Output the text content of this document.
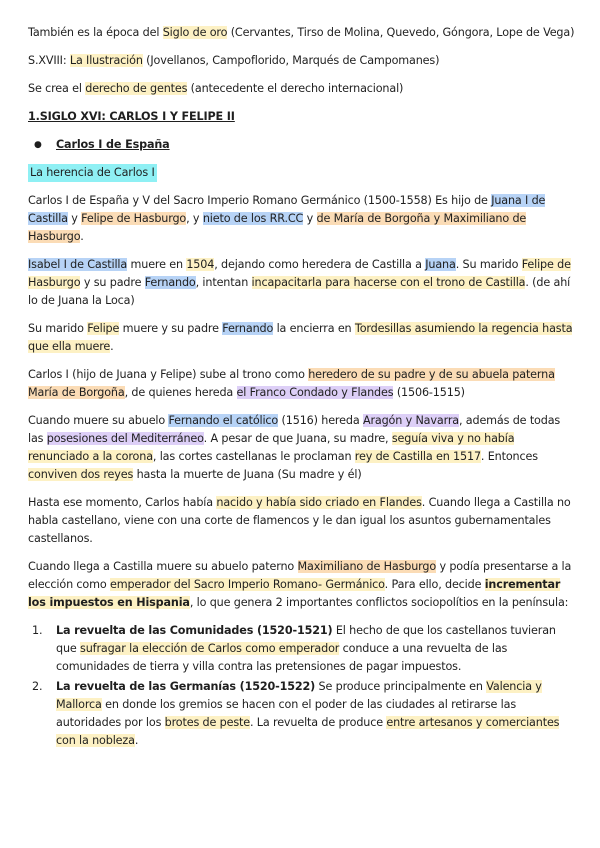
También es la época del Siglo de oro (Cervantes, Tirso de Molina, Quevedo, Góngora, Lope de Vega)

S.XVIII: La Ilustración (Jovellanos, Campoflorido, Marqués de Campomanes)

Se crea el derecho de gentes (antecedente el derecho internacional)

1.SIGLO XVI: CARLOS I Y FELIPE II
●	Carlos I de España

La herencia de Carlos I

Carlos I de España y V del Sacro Imperio Romano Germánico (1500-1558) Es hijo de Juana I de Castilla y Felipe de Hasburgo, y nieto de los RR.CC y de María de Borgoña y Maximiliano de Hasburgo.

Isabel I de Castilla muere en 1504, dejando como heredera de Castilla a Juana. Su marido Felipe de Hasburgo y su padre Fernando, intentan incapacitarla para hacerse con el trono de Castilla. (de ahí lo de Juana la Loca)

Su marido Felipe muere y su padre Fernando la encierra en Tordesillas asumiendo la regencia hasta que ella muere.

Carlos I (hijo de Juana y Felipe) sube al trono como heredero de su padre y de su abuela paterna María de Borgoña, de quienes hereda el Franco Condado y Flandes (1506-1515)

Cuando muere su abuelo Fernando el católico (1516) hereda Aragón y Navarra, además de todas las posesiones del Mediterráneo. A pesar de que Juana, su madre, seguía viva y no había renunciado a la corona, las cortes castellanas le proclaman rey de Castilla en 1517. Entonces conviven dos reyes hasta la muerte de Juana (Su madre y él)

Hasta ese momento, Carlos había nacido y había sido criado en Flandes. Cuando llega a Castilla no habla castellano, viene con una corte de flamencos y le dan igual los asuntos gubernamentales castellanos.

Cuando llega a Castilla muere su abuelo paterno Maximiliano de Hasburgo y podía presentarse a la elección como emperador del Sacro Imperio Romano- Germánico. Para ello, decide incrementar los impuestos en Hispania, lo que genera 2 importantes conflictos sociopolítios en la península:

1.	La revuelta de las Comunidades (1520-1521) El hecho de que los castellanos tuvieran que sufragar la elección de Carlos como emperador conduce a una revuelta de las comunidades de tierra y villa contra las pretensiones de pagar impuestos.
2.	La revuelta de las Germanías (1520-1522) Se produce principalmente en Valencia y Mallorca en donde los gremios se hacen con el poder de las ciudades al retirarse las autoridades por los brotes de peste. La revuelta de produce entre artesanos y comerciantes con la nobleza.
